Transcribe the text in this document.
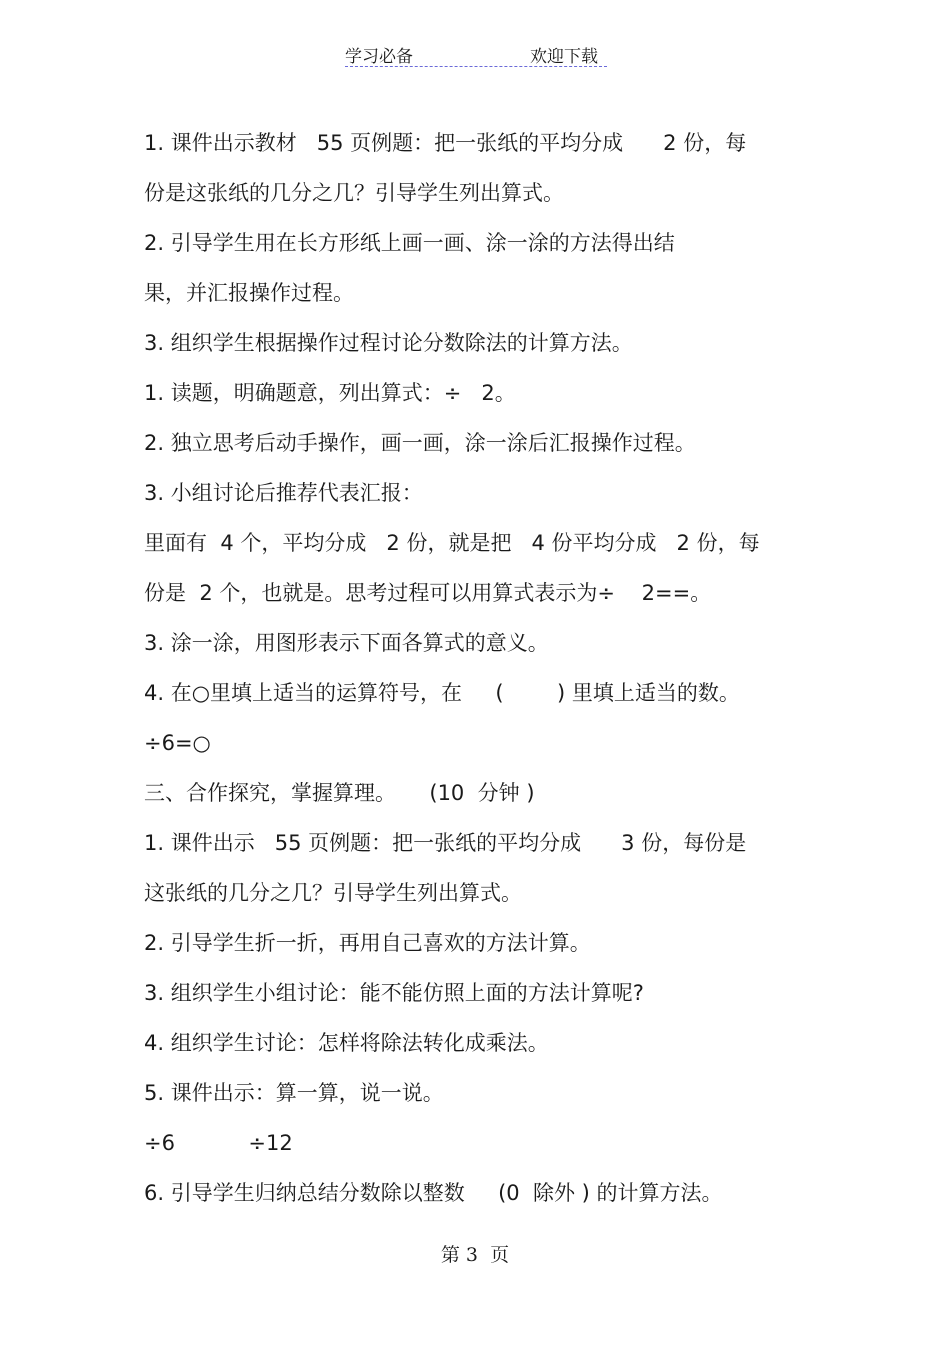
学习必备	欢迎下载
1. 课件出示教材   55 页例题：把一张纸的平均分成      2 份，每
份是这张纸的几分之几？引导学生列出算式。
2. 引导学生用在长方形纸上画一画、涂一涂的方法得出结
果，并汇报操作过程。
3. 组织学生根据操作过程讨论分数除法的计算方法。
1. 读题，明确题意，列出算式：÷   2。
2. 独立思考后动手操作，画一画，涂一涂后汇报操作过程。
3. 小组讨论后推荐代表汇报：
里面有  4 个，平均分成   2 份，就是把   4 份平均分成   2 份，每
份是  2 个，也就是。思考过程可以用算式表示为÷    2==。
3. 涂一涂，用图形表示下面各算式的意义。
4. 在○里填上适当的运算符号，在     (        ) 里填上适当的数。
÷6=○
三、合作探究，掌握算理。     (10  分钟 )
1. 课件出示   55 页例题：把一张纸的平均分成      3 份，每份是
这张纸的几分之几？引导学生列出算式。
2. 引导学生折一折，再用自己喜欢的方法计算。
3. 组织学生小组讨论：能不能仿照上面的方法计算呢?
4. 组织学生讨论：怎样将除法转化成乘法。
5. 课件出示：算一算，说一说。
÷6           ÷12
6. 引导学生归纳总结分数除以整数     (0  除外 ) 的计算方法。
第 3  页
